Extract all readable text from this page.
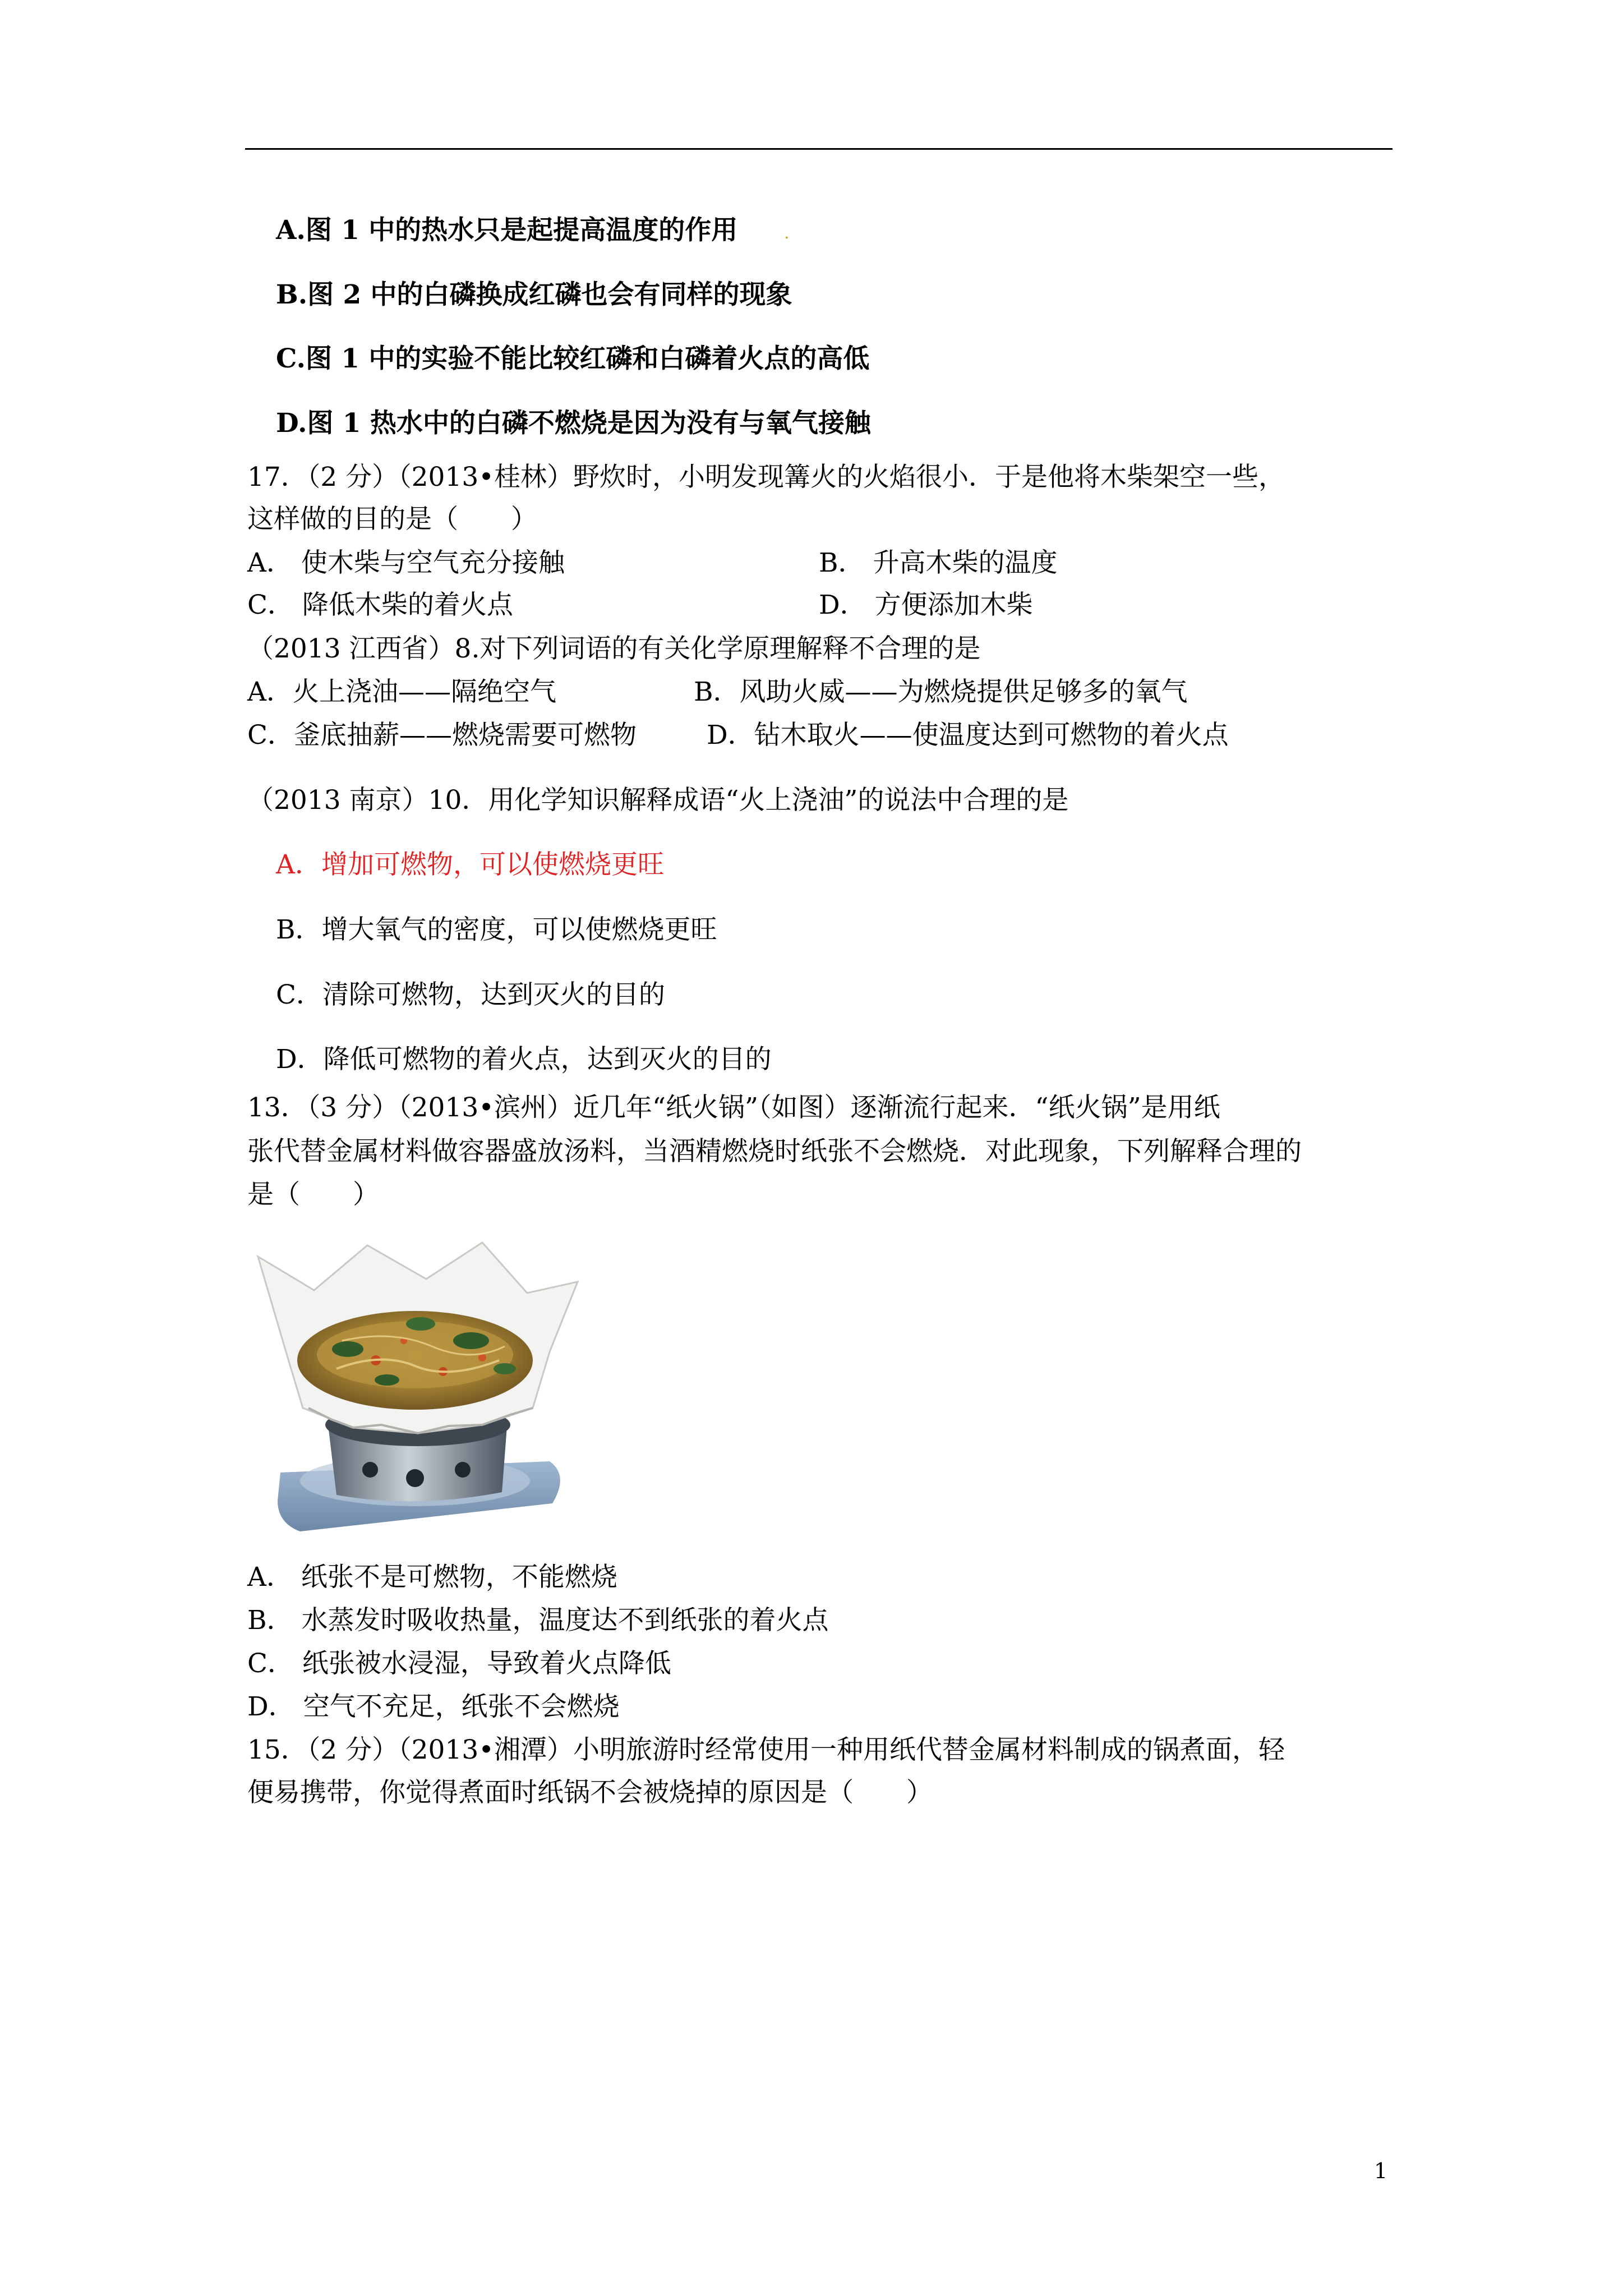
A.图 1 中的热水只是起提高温度的作用	.
B.图 2 中的白磷换成红磷也会有同样的现象
C.图 1 中的实验不能比较红磷和白磷着火点的高低
D.图 1 热水中的白磷不燃烧是因为没有与氧气接触
17．（2 分）（2013•桂林）野炊时，小明发现篝火的火焰很小．于是他将木柴架空一些，
这样做的目的是（　　）
A． 使木柴与空气充分接触	B． 升高木柴的温度
C． 降低木柴的着火点	D． 方便添加木柴
（2013 江西省）8.对下列词语的有关化学原理解释不合理的是
A．火上浇油——隔绝空气	B．风助火威——为燃烧提供足够多的氧气
C．釜底抽薪——燃烧需要可燃物	D．钻木取火——使温度达到可燃物的着火点
（2013 南京）10．用化学知识解释成语“火上浇油”的说法中合理的是
A．增加可燃物，可以使燃烧更旺
B．增大氧气的密度，可以使燃烧更旺
C．清除可燃物，达到灭火的目的
D．降低可燃物的着火点，达到灭火的目的
13．（3 分）（2013•滨州）近几年“纸火锅”（如图）逐渐流行起来．“纸火锅”是用纸
张代替金属材料做容器盛放汤料，当酒精燃烧时纸张不会燃烧．对此现象，下列解释合理的
是（　　）
A． 纸张不是可燃物，不能燃烧
B． 水蒸发时吸收热量，温度达不到纸张的着火点
C． 纸张被水浸湿，导致着火点降低
D． 空气不充足，纸张不会燃烧
15．（2 分）（2013•湘潭）小明旅游时经常使用一种用纸代替金属材料制成的锅煮面，轻
便易携带，你觉得煮面时纸锅不会被烧掉的原因是（　　）
1
